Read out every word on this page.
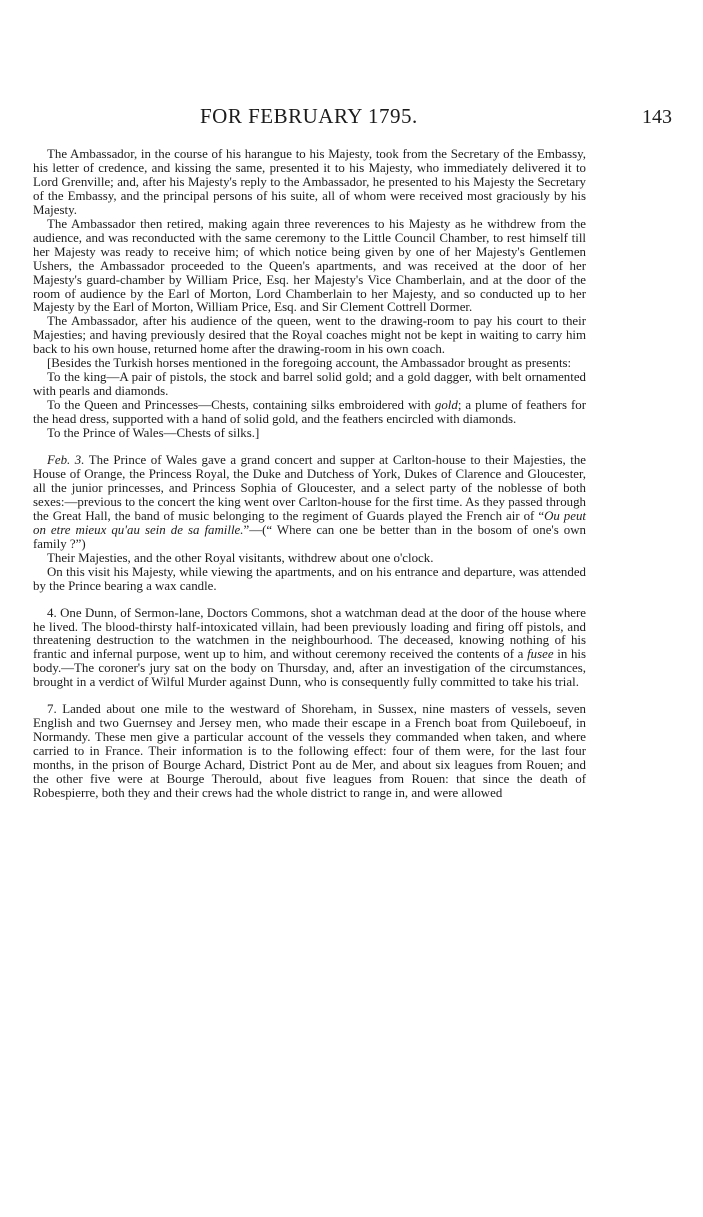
FOR FEBRUARY 1795.	143

The Ambassador, in the course of his harangue to his Majesty, took from the Secretary of the Embassy, his letter of credence, and kissing the same, presented it to his Majesty, who immediately delivered it to Lord Grenville; and, after his Majesty's reply to the Ambassador, he presented to his Majesty the Secretary of the Embassy, and the principal persons of his suite, all of whom were received most graciously by his Majesty.

The Ambassador then retired, making again three reverences to his Majesty as he withdrew from the audience, and was reconducted with the same ceremony to the Little Council Chamber, to rest himself till her Majesty was ready to receive him; of which notice being given by one of her Majesty's Gentlemen Ushers, the Ambassador proceeded to the Queen's apartments, and was received at the door of her Majesty's guard-chamber by William Price, Esq. her Majesty's Vice Chamberlain, and at the door of the room of audience by the Earl of Morton, Lord Chamberlain to her Majesty, and so conducted up to her Majesty by the Earl of Morton, William Price, Esq. and Sir Clement Cottrell Dormer.

The Ambassador, after his audience of the queen, went to the drawing-room to pay his court to their Majesties; and having previously desired that the Royal coaches might not be kept in waiting to carry him back to his own house, returned home after the drawing-room in his own coach.

[Besides the Turkish horses mentioned in the foregoing account, the Ambassador brought as presents:

To the king—A pair of pistols, the stock and barrel solid gold; and a gold dagger, with belt ornamented with pearls and diamonds.

To the Queen and Princesses—Chests, containing silks embroidered with gold; a plume of feathers for the head dress, supported with a hand of solid gold, and the feathers encircled with diamonds.

To the Prince of Wales—Chests of silks.]

Feb. 3. The Prince of Wales gave a grand concert and supper at Carlton-house to their Majesties, the House of Orange, the Princess Royal, the Duke and Dutchess of York, Dukes of Clarence and Gloucester, all the junior princesses, and Princess Sophia of Gloucester, and a select party of the noblesse of both sexes:—previous to the concert the king went over Carlton-house for the first time. As they passed through the Great Hall, the band of music belonging to the regiment of Guards played the French air of “Ou peut on etre mieux qu'au sein de sa famille.”—(“ Where can one be better than in the bosom of one's own family ?”)

Their Majesties, and the other Royal visitants, withdrew about one o'clock.

On this visit his Majesty, while viewing the apartments, and on his entrance and departure, was attended by the Prince bearing a wax candle.

4. One Dunn, of Sermon-lane, Doctors Commons, shot a watchman dead at the door of the house where he lived. The blood-thirsty half-intoxicated villain, had been previously loading and firing off pistols, and threatening destruction to the watchmen in the neighbourhood. The deceased, knowing nothing of his frantic and infernal purpose, went up to him, and without ceremony received the contents of a fusee in his body.—The coroner's jury sat on the body on Thursday, and, after an investigation of the circumstances, brought in a verdict of Wilful Murder against Dunn, who is consequently fully committed to take his trial.

7. Landed about one mile to the westward of Shoreham, in Sussex, nine masters of vessels, seven English and two Guernsey and Jersey men, who made their escape in a French boat from Quileboeuf, in Normandy. These men give a particular account of the vessels they commanded when taken, and where carried to in France. Their information is to the following effect: four of them were, for the last four months, in the prison of Bourge Achard, District Pont au de Mer, and about six leagues from Rouen; and the other five were at Bourge Therould, about five leagues from Rouen: that since the death of Robespierre, both they and their crews had the whole district to range in, and were allowed
